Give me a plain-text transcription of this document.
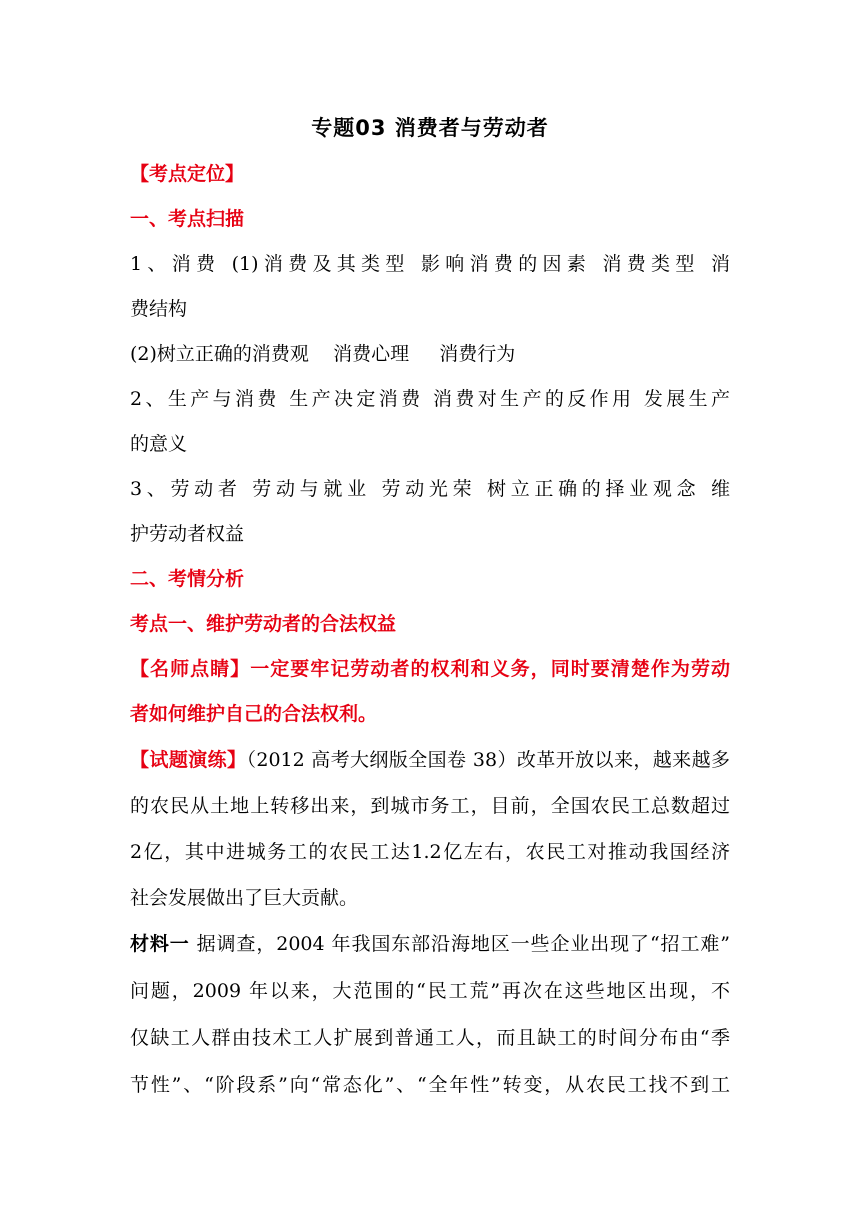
专题03 消费者与劳动者
【考点定位】
一、考点扫描
1、消费 (1)消费及其类型 影响消费的因素 消费类型 消
费结构
(2)树立正确的消费观    消费心理     消费行为
2、生产与消费 生产决定消费 消费对生产的反作用 发展生产
的意义
3、劳动者 劳动与就业 劳动光荣 树立正确的择业观念 维
护劳动者权益
二、考情分析
考点一、维护劳动者的合法权益
【名师点睛】一定要牢记劳动者的权利和义务，同时要清楚作为劳动
者如何维护自己的合法权利。
【试题演练】（2012 高考大纲版全国卷 38）改革开放以来，越来越多
的农民从土地上转移出来，到城市务工，目前，全国农民工总数超过
2亿，其中进城务工的农民工达1.2亿左右，农民工对推动我国经济
社会发展做出了巨大贡献。
材料一 据调查，2004 年我国东部沿海地区一些企业出现了“招工难”
问题，2009 年以来，大范围的“民工荒”再次在这些地区出现，不
仅缺工人群由技术工人扩展到普通工人，而且缺工的时间分布由“季
节性”、“阶段系”向“常态化”、“全年性”转变，从农民工找不到工
